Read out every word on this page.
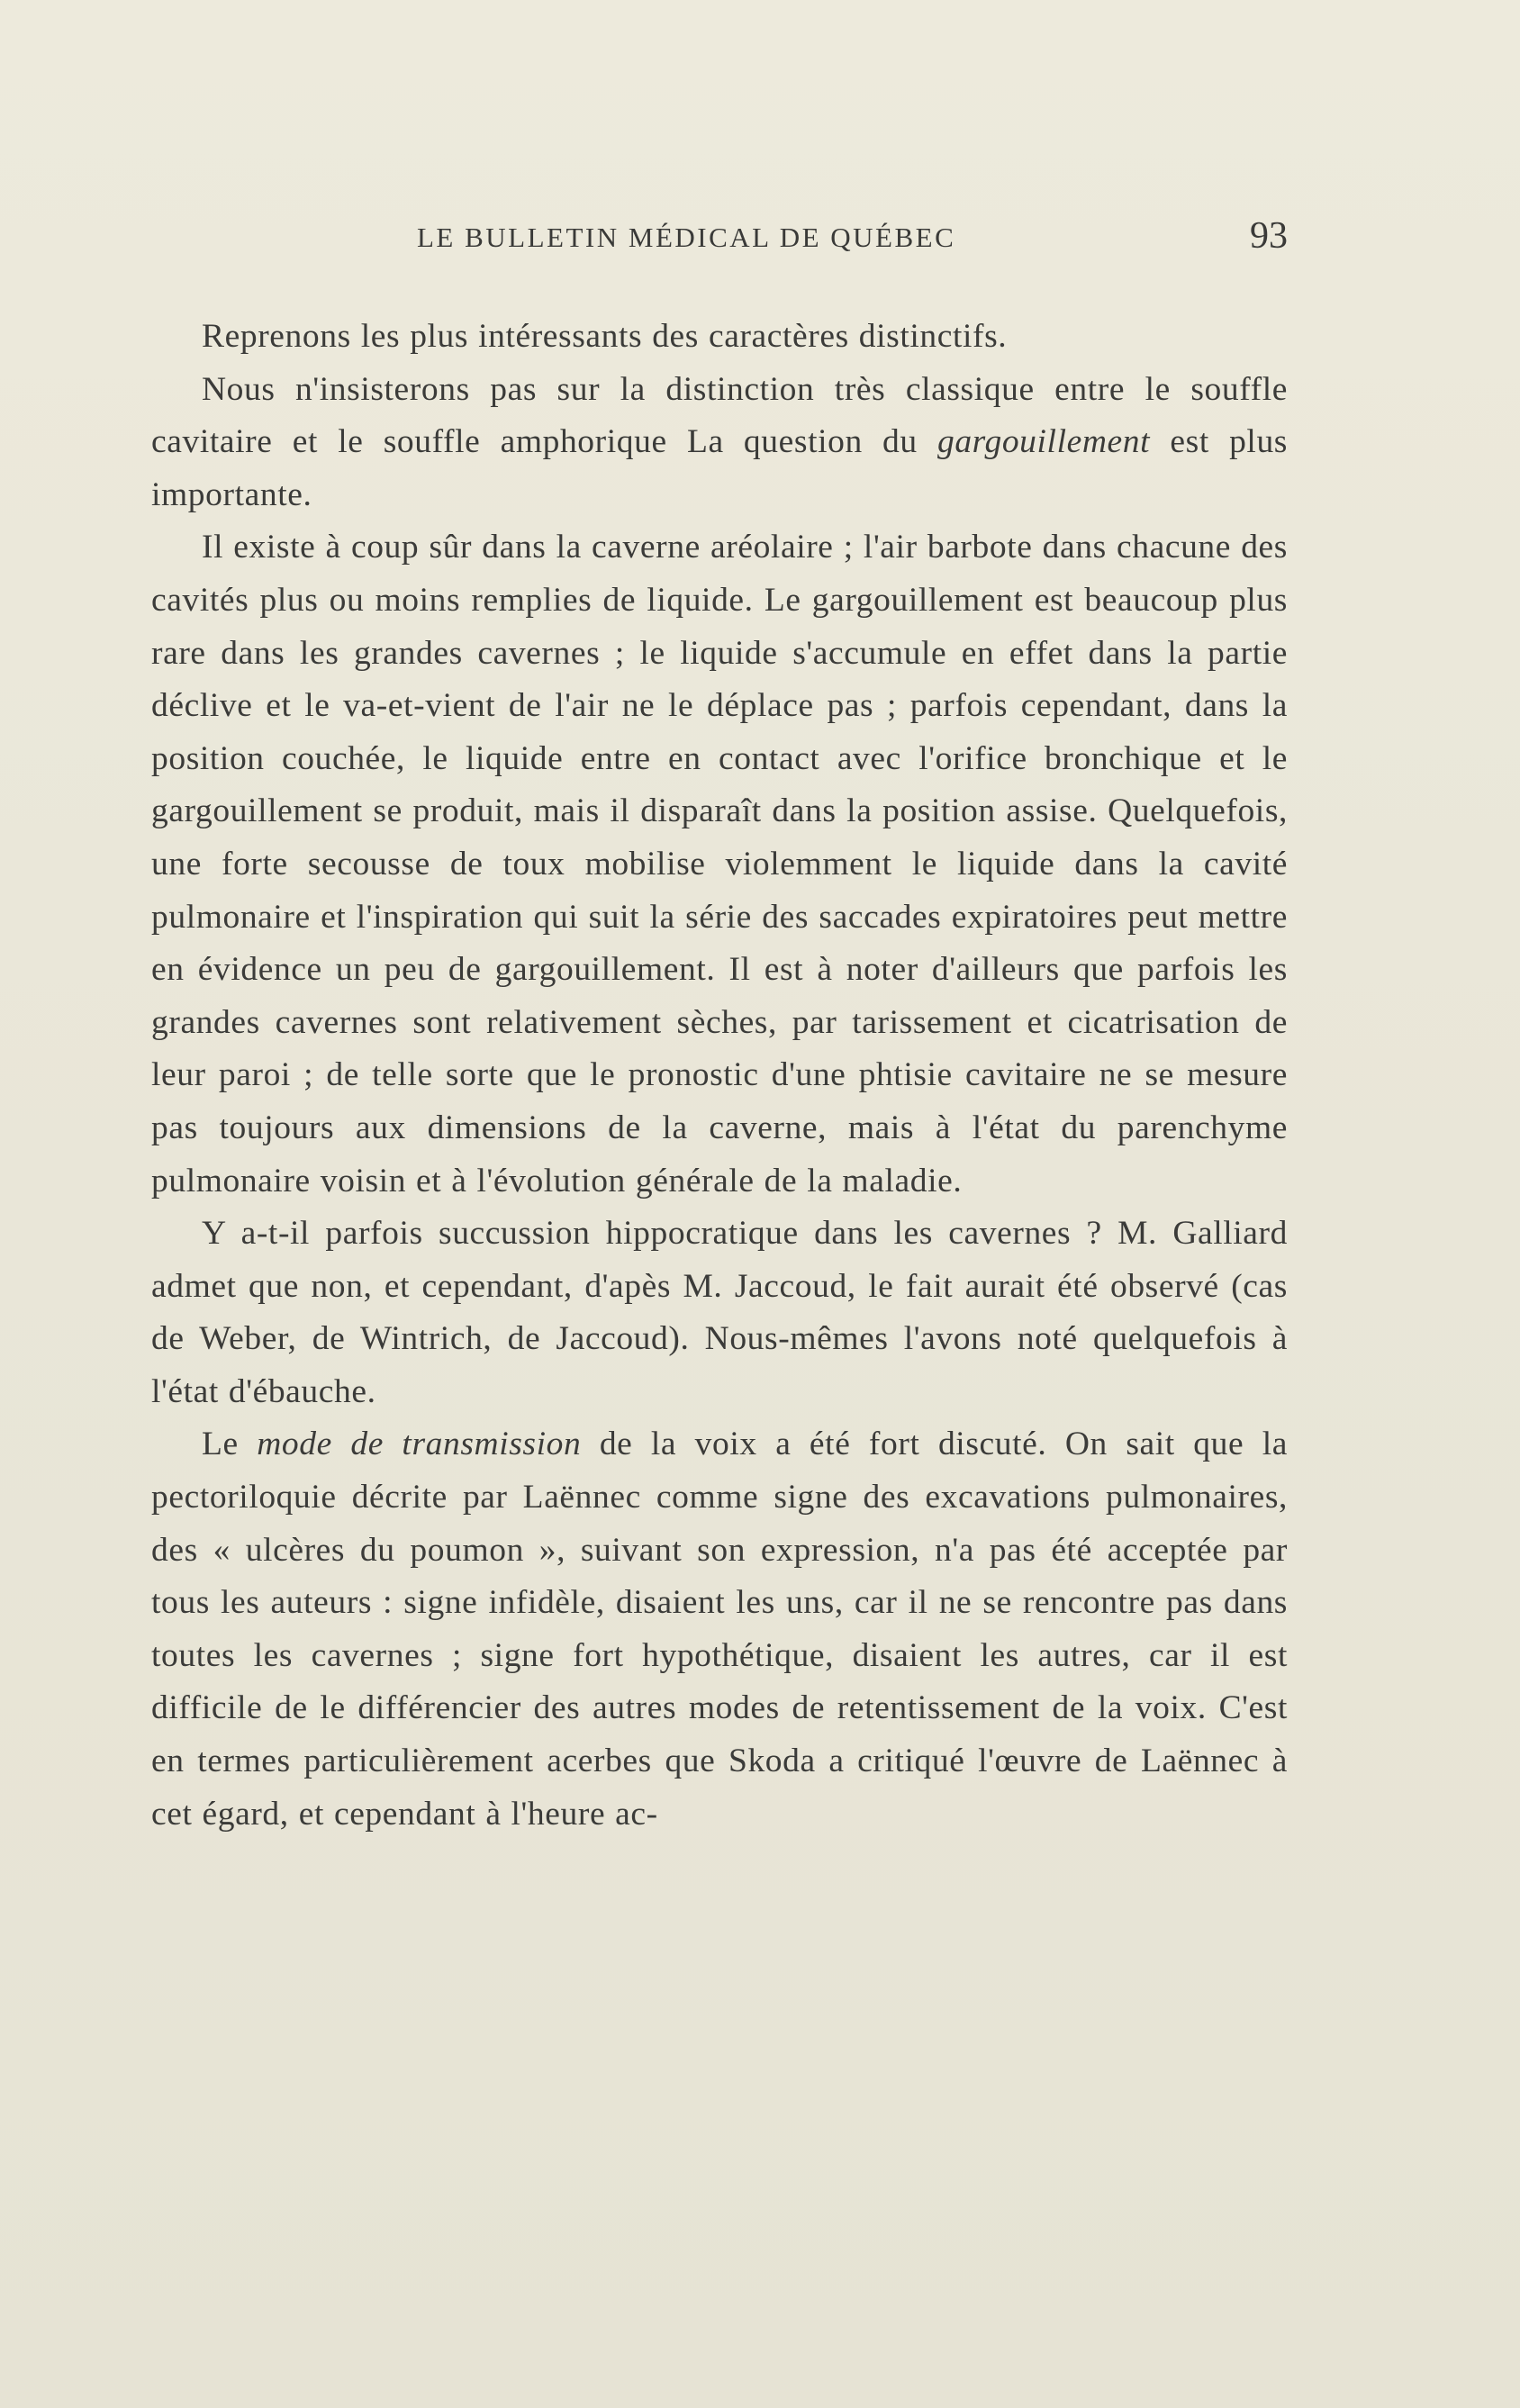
LE BULLETIN MÉDICAL DE QUÉBEC	93

Reprenons les plus intéressants des caractères distinctifs.

Nous n'insisterons pas sur la distinction très classique entre le souffle cavitaire et le souffle amphorique La question du gargouillement est plus importante.

Il existe à coup sûr dans la caverne aréolaire ; l'air barbote dans chacune des cavités plus ou moins remplies de liquide. Le gargouillement est beaucoup plus rare dans les grandes cavernes ; le liquide s'accumule en effet dans la partie déclive et le va-et-vient de l'air ne le déplace pas ; parfois cependant, dans la position couchée, le liquide entre en contact avec l'orifice bronchique et le gargouillement se produit, mais il disparaît dans la position assise. Quelquefois, une forte secousse de toux mobilise violemment le liquide dans la cavité pulmonaire et l'inspiration qui suit la série des saccades expiratoires peut mettre en évidence un peu de gargouillement. Il est à noter d'ailleurs que parfois les grandes cavernes sont relativement sèches, par tarissement et cicatrisation de leur paroi ; de telle sorte que le pronostic d'une phtisie cavitaire ne se mesure pas toujours aux dimensions de la caverne, mais à l'état du parenchyme pulmonaire voisin et à l'évolution générale de la maladie.

Y a-t-il parfois succussion hippocratique dans les cavernes ? M. Galliard admet que non, et cependant, d'apès M. Jaccoud, le fait aurait été observé (cas de Weber, de Wintrich, de Jaccoud). Nous-mêmes l'avons noté quelquefois à l'état d'ébauche.

Le mode de transmission de la voix a été fort discuté. On sait que la pectoriloquie décrite par Laënnec comme signe des excavations pulmonaires, des « ulcères du poumon », suivant son expression, n'a pas été acceptée par tous les auteurs : signe infidèle, disaient les uns, car il ne se rencontre pas dans toutes les cavernes ; signe fort hypothétique, disaient les autres, car il est difficile de le différencier des autres modes de retentissement de la voix. C'est en termes particulièrement acerbes que Skoda a critiqué l'œuvre de Laënnec à cet égard, et cependant à l'heure ac-
